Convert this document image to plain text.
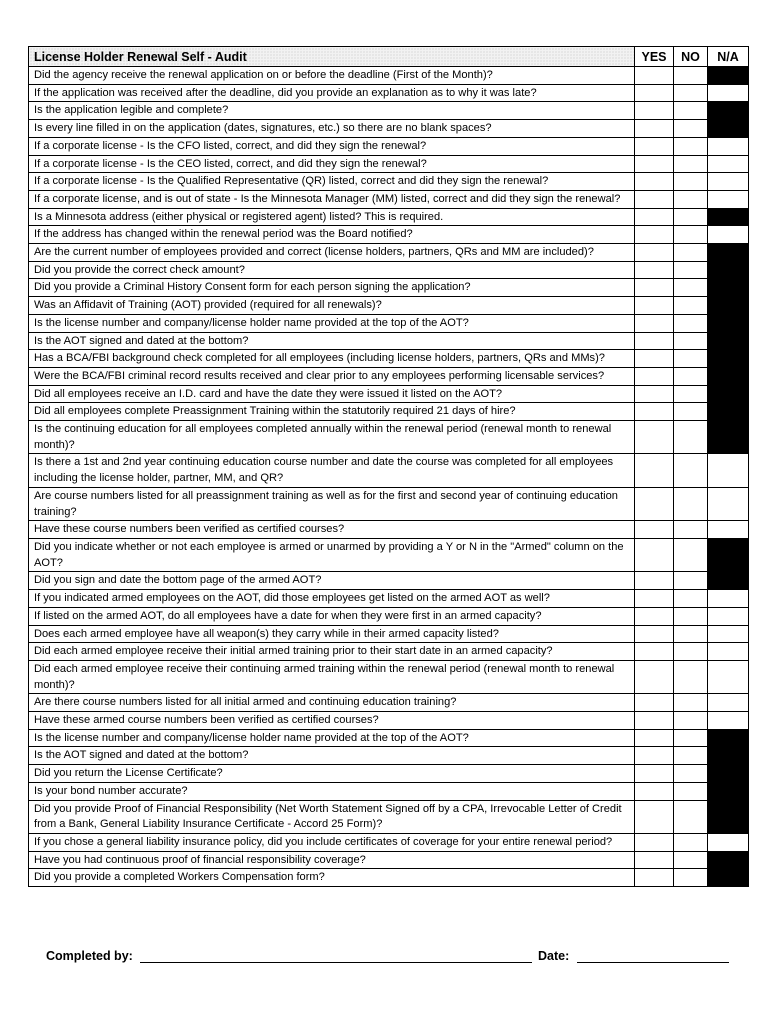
License Holder Renewal Self - Audit	YES	NO	N/A
Did the agency receive the renewal application on or before the deadline (First of the Month)?			
If the application was received after the deadline, did you provide an explanation as to why it was late?			
Is the application legible and complete?			
Is every line filled in on the application (dates, signatures, etc.) so there are no blank spaces?			
If a corporate license - Is the CFO listed, correct, and did they sign the renewal?			
If a corporate license - Is the CEO listed, correct, and did they sign the renewal?			
If a corporate license - Is the Qualified Representative (QR) listed, correct and did they sign the renewal?			
If a corporate license, and is out of state - Is the Minnesota Manager (MM) listed, correct and did they sign the renewal?			
Is a Minnesota address (either physical or registered agent) listed? This is required.			
If the address has changed within the renewal period was the Board notified?			
Are the current number of employees provided and correct (license holders, partners, QRs and MM are included)?			
Did you provide the correct check amount?			
Did you provide a Criminal History Consent form for each person signing the application?			
Was an Affidavit of Training (AOT) provided (required for all renewals)?			
Is the license number and company/license holder name provided at the top of the AOT?			
Is the AOT signed and dated at the bottom?			
Has a BCA/FBI background check completed for all employees (including license holders, partners, QRs and MMs)?			
Were the BCA/FBI criminal record results received and clear prior to any employees performing licensable services?			
Did all employees receive an I.D. card and have the date they were issued it listed on the AOT?			
Did all employees complete Preassignment Training within the statutorily required 21 days of hire?			
Is the continuing education for all employees completed annually within the renewal period (renewal month to renewal month)?			
Is there a 1st and 2nd year continuing education course number and date the course was completed for all employees including the license holder, partner, MM, and QR?			
Are course numbers listed for all preassignment training as well as for the first and second year of continuing education training?			
Have these course numbers been verified as certified courses?			
Did you indicate whether or not each employee is armed or unarmed by providing a Y or N in the "Armed" column on the AOT?			
Did you sign and date the bottom page of the armed AOT?			
If you indicated armed employees on the AOT, did those employees get listed on the armed AOT as well?			
If listed on the armed AOT, do all employees have a date for when they were first in an armed capacity?			
Does each armed employee have all weapon(s) they carry while in their armed capacity listed?			
Did each armed employee receive their initial armed training prior to their start date in an armed capacity?			
Did each armed employee receive their continuing armed training within the renewal period (renewal month to renewal month)?			
Are there course numbers listed for all initial armed and continuing education training?			
Have these armed course numbers been verified as certified courses?			
Is the license number and company/license holder name provided at the top of the AOT?			
Is the AOT signed and dated at the bottom?			
Did you return the License Certificate?			
Is your bond number accurate?			
Did you provide Proof of Financial Responsibility (Net Worth Statement Signed off by a CPA, Irrevocable Letter of Credit from a Bank, General Liability Insurance Certificate - Accord 25 Form)?			
If you chose a general liability insurance policy, did you include certificates of coverage for your entire renewal period?			
Have you had continuous proof of financial responsibility coverage?			
Did you provide a completed Workers Compensation form?			
Completed by:	Date:
